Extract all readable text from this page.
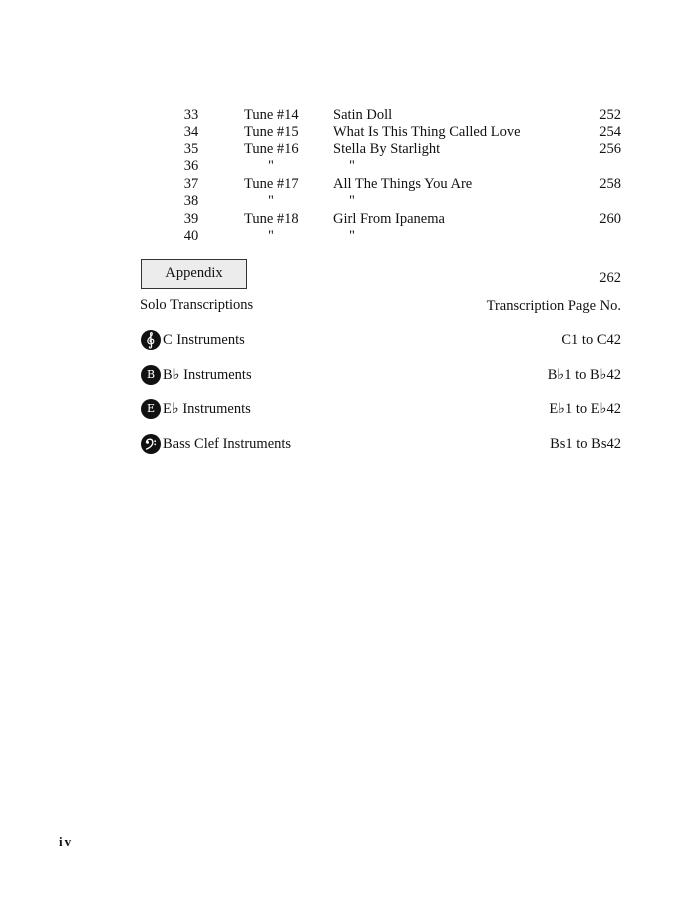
33	Tune #14	Satin Doll	252
34	Tune #15	What Is This Thing Called Love	254
35	Tune #16	Stella By Starlight	256
36	"	"
37	Tune #17	All The Things You Are	258
38	"	"
39	Tune #18	Girl From Ipanema	260
40	"	"
Appendix	262
Solo Transcriptions	Transcription Page No.
C Instruments	C1 to C42
B B♭ Instruments	B♭1 to B♭42
E E♭ Instruments	E♭1 to E♭42
Bass Clef Instruments	Bs1 to Bs42
iv
